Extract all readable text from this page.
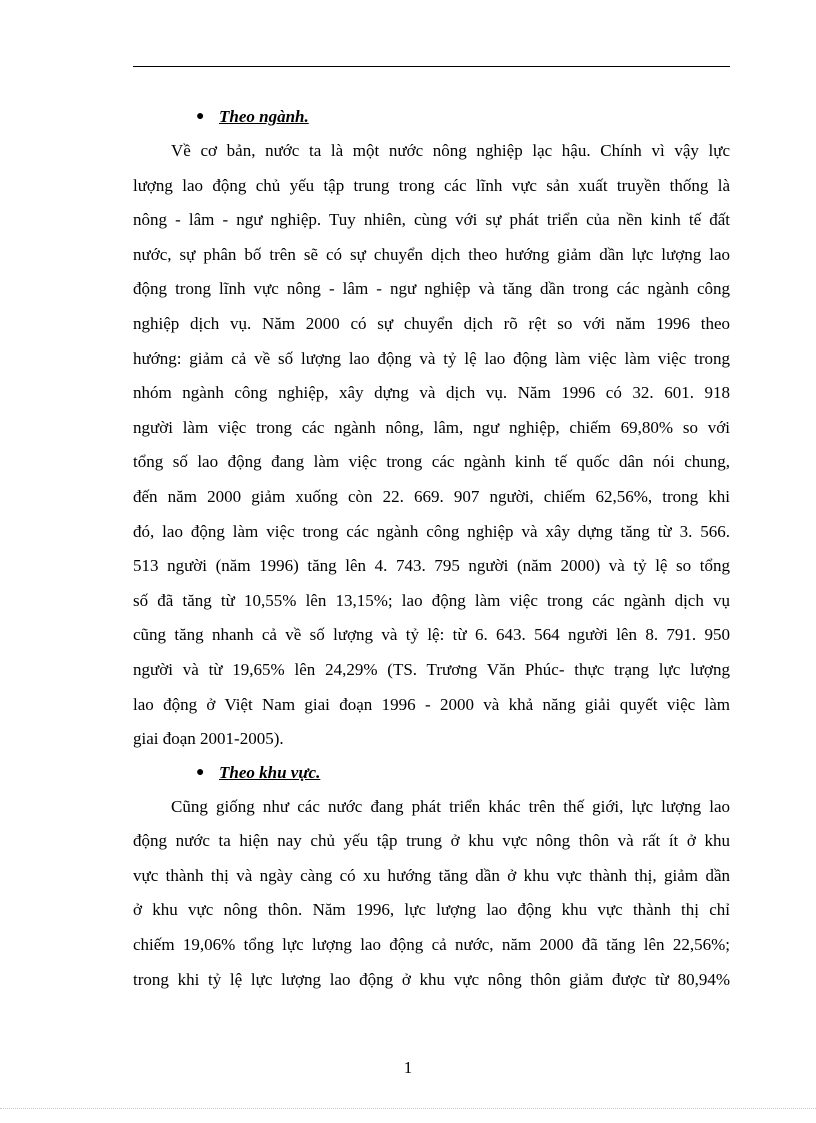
● Theo ngành.
Về cơ bản, nước ta là một nước nông nghiệp lạc hậu. Chính vì vậy lực
lượng lao động chủ yếu tập trung trong các lĩnh vực sản xuất truyền thống là
nông - lâm - ngư nghiệp. Tuy nhiên, cùng với sự phát triển của nền kinh tế đất
nước, sự phân bố trên sẽ có sự chuyển dịch theo hướng giảm dần lực lượng lao
động trong lĩnh vực nông - lâm - ngư nghiệp và tăng dần trong các ngành công
nghiệp dịch vụ. Năm 2000 có sự chuyển dịch rõ rệt so với năm 1996 theo
hướng: giảm cả về số lượng lao động và tỷ lệ lao động làm việc làm việc trong
nhóm ngành công nghiệp, xây dựng và dịch vụ. Năm 1996 có 32. 601. 918
người làm việc trong các ngành nông, lâm, ngư nghiệp, chiếm 69,80% so với
tổng số lao động đang làm việc trong các ngành kinh tế quốc dân nói chung,
đến năm 2000 giảm xuống còn 22. 669. 907 người, chiếm 62,56%, trong khi
đó, lao động làm việc trong các ngành công nghiệp và xây dựng tăng từ 3. 566.
513 người (năm 1996) tăng lên 4. 743. 795 người (năm 2000) và tỷ lệ so tổng
số đã tăng từ 10,55% lên 13,15%; lao động làm việc trong các ngành dịch vụ
cũng tăng nhanh cả về số lượng và tỷ lệ: từ 6. 643. 564 người lên 8. 791. 950
người và từ 19,65% lên 24,29% (TS. Trương Văn Phúc- thực trạng lực lượng
lao động ở Việt Nam giai đoạn 1996 - 2000 và khả năng giải quyết việc làm
giai đoạn 2001-2005).
● Theo khu vực.
Cũng giống như các nước đang phát triển khác trên thế giới, lực lượng lao
động nước ta hiện nay chủ yếu tập trung ở khu vực nông thôn và rất ít ở khu
vực thành thị và ngày càng có xu hướng tăng dần ở khu vực thành thị, giảm dần
ở khu vực nông thôn. Năm 1996, lực lượng lao động khu vực thành thị chỉ
chiếm 19,06% tổng lực lượng lao động cả nước, năm 2000 đã tăng lên 22,56%;
trong khi tỷ lệ lực lượng lao động ở khu vực nông thôn giảm được từ 80,94%
1
